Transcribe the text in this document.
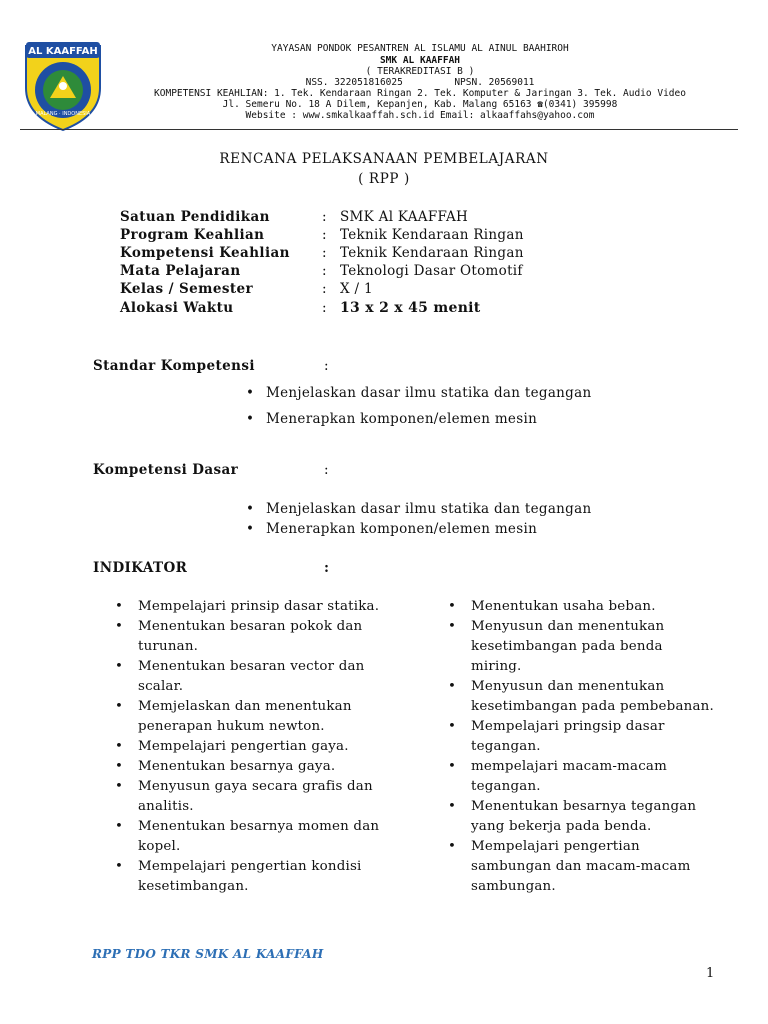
AL KAAFFAH
MALANG · INDONESIA
YAYASAN PONDOK PESANTREN AL ISLAMU AL AINUL BAAHIROH
SMK AL KAAFFAH
( TERAKREDITASI B )
NSS. 322051816025	NPSN. 20569011
KOMPETENSI KEAHLIAN: 1. Tek. Kendaraan Ringan 2. Tek. Komputer & Jaringan 3. Tek. Audio Video
Jl. Semeru No. 18 A Dilem, Kepanjen, Kab. Malang 65163 ☎(0341) 395998
Website : www.smkalkaaffah.sch.id Email: alkaaffahs@yahoo.com
RENCANA PELAKSANAAN PEMBELAJARAN
( RPP )
Satuan Pendidikan	: SMK Al KAAFFAH
Program Keahlian	: Teknik Kendaraan Ringan
Kompetensi Keahlian : Teknik Kendaraan Ringan
Mata Pelajaran	: Teknologi Dasar Otomotif
Kelas / Semester	: X / 1
Alokasi Waktu	: 13 x 2 x 45 menit
Standar Kompetensi	:
• Menjelaskan dasar ilmu statika dan tegangan
• Menerapkan komponen/elemen mesin
Kompetensi Dasar	:
• Menjelaskan dasar ilmu statika dan tegangan
• Menerapkan komponen/elemen mesin
INDIKATOR	:
• Mempelajari prinsip dasar statika.
• Menentukan besaran pokok dan turunan.
• Menentukan besaran vector dan scalar.
• Memjelaskan dan menentukan penerapan hukum newton.
• Mempelajari pengertian gaya.
• Menentukan besarnya gaya.
• Menyusun gaya secara grafis dan analitis.
• Menentukan besarnya momen dan kopel.
• Mempelajari pengertian kondisi kesetimbangan.
• Menentukan usaha beban.
• Menyusun dan menentukan kesetimbangan pada benda miring.
• Menyusun dan menentukan kesetimbangan pada pembebanan.
• Mempelajari pringsip dasar tegangan.
• mempelajari macam-macam tegangan.
• Menentukan besarnya tegangan yang bekerja pada benda.
• Mempelajari pengertian sambungan dan macam-macam sambungan.
RPP TDO TKR SMK AL KAAFFAH
1
